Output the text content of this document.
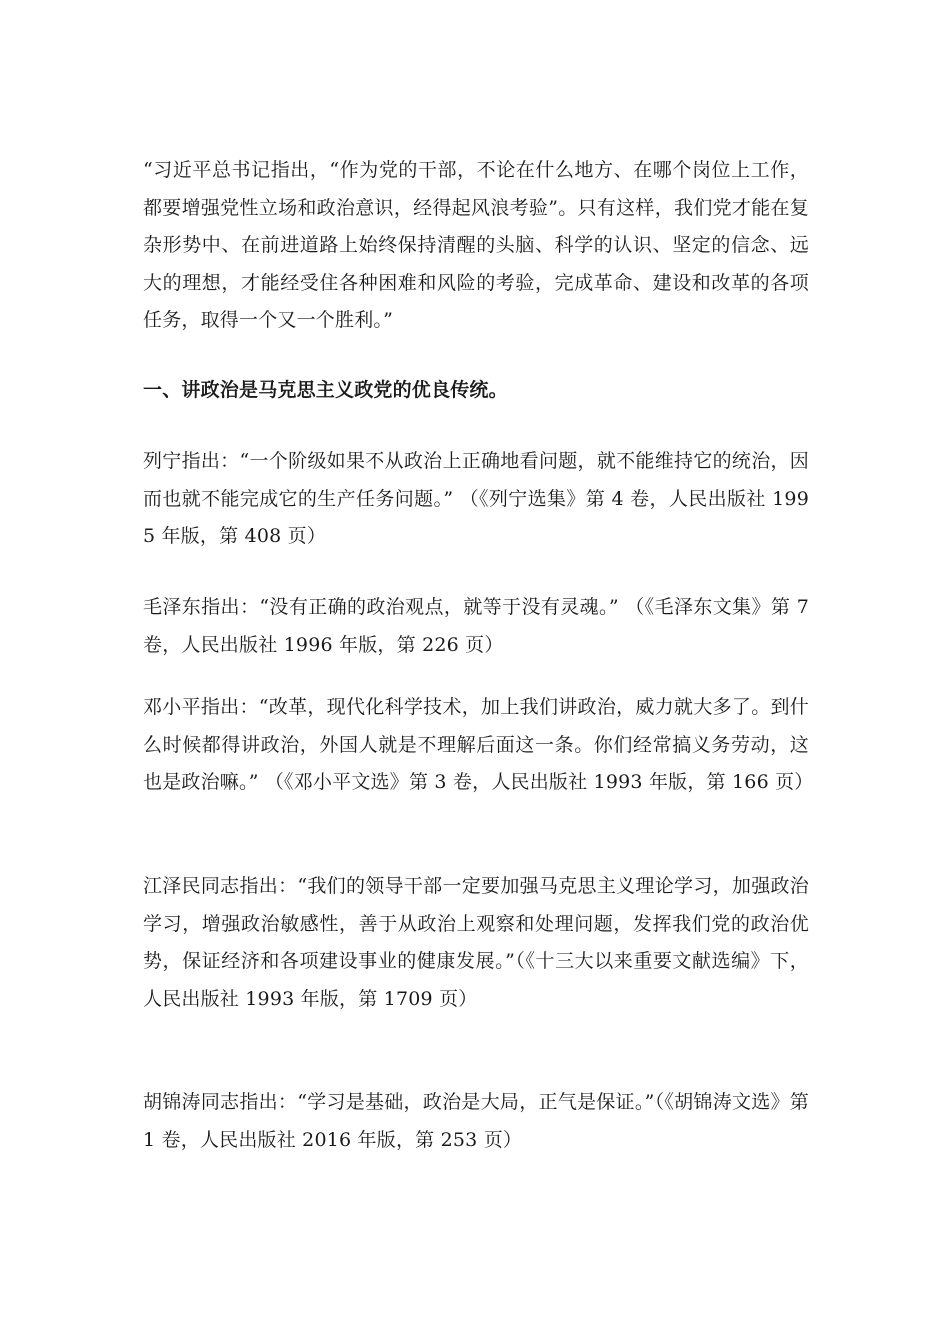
“习近平总书记指出，“作为党的干部，不论在什么地方、在哪个岗位上工作，都要增强党性立场和政治意识，经得起风浪考验”。只有这样，我们党才能在复杂形势中、在前进道路上始终保持清醒的头脑、科学的认识、坚定的信念、远大的理想，才能经受住各种困难和风险的考验，完成革命、建设和改革的各项任务，取得一个又一个胜利。”

一、讲政治是马克思主义政党的优良传统。

列宁指出：“一个阶级如果不从政治上正确地看问题，就不能维持它的统治，因而也就不能完成它的生产任务问题。” （《列宁选集》第 4 卷，人民出版社 1995 年版，第 408 页）

毛泽东指出：“没有正确的政治观点，就等于没有灵魂。” （《毛泽东文集》第 7 卷，人民出版社 1996 年版，第 226 页）

邓小平指出：“改革，现代化科学技术，加上我们讲政治，威力就大多了。到什么时候都得讲政治，外国人就是不理解后面这一条。你们经常搞义务劳动，这也是政治嘛。” （《邓小平文选》第 3 卷，人民出版社 1993 年版，第 166 页）

江泽民同志指出：“我们的领导干部一定要加强马克思主义理论学习，加强政治学习，增强政治敏感性，善于从政治上观察和处理问题，发挥我们党的政治优势，保证经济和各项建设事业的健康发展。”（《十三大以来重要文献选编》下，人民出版社 1993 年版，第 1709 页）

胡锦涛同志指出：“学习是基础，政治是大局，正气是保证。”（《胡锦涛文选》第 1 卷，人民出版社 2016 年版，第 253 页）
